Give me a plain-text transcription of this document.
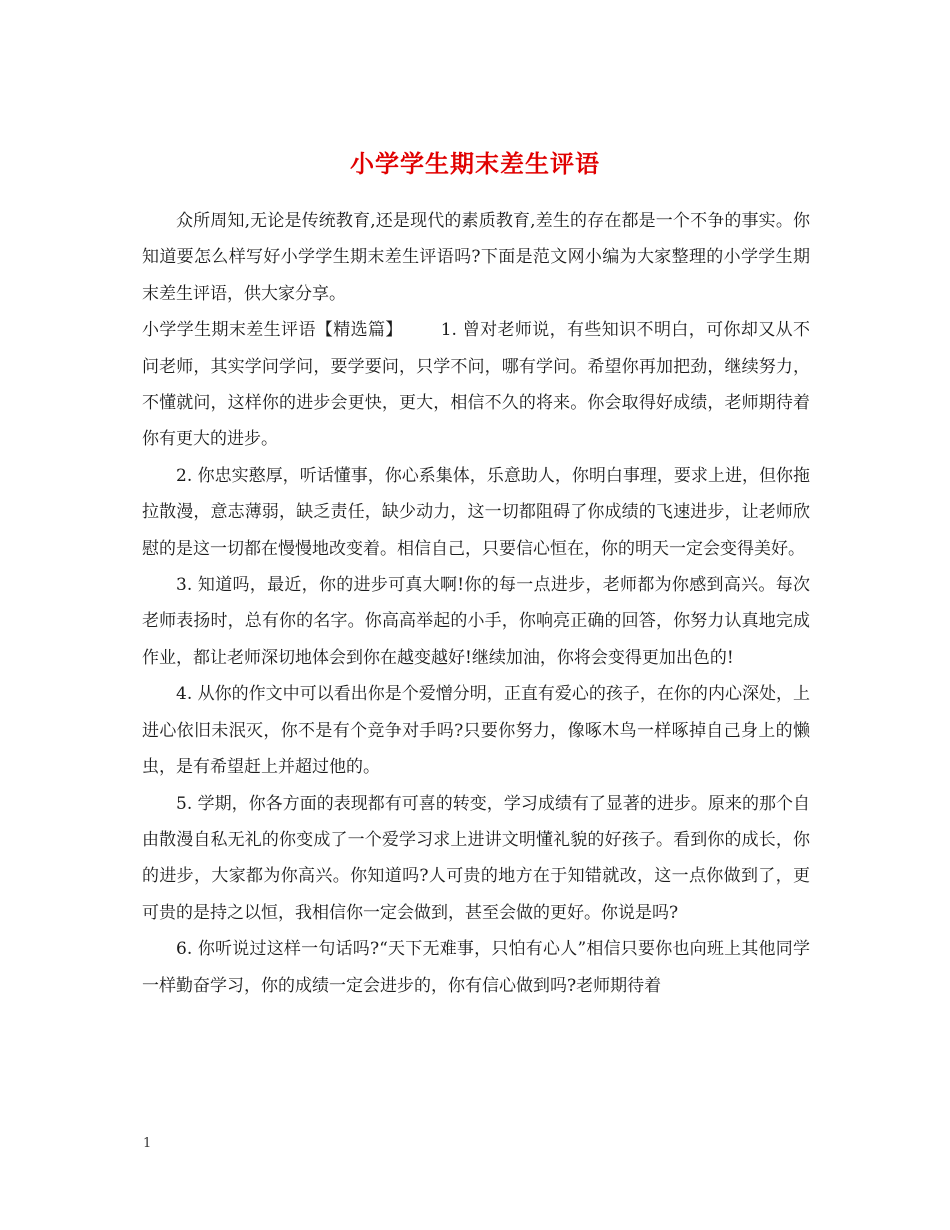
小学学生期末差生评语

众所周知,无论是传统教育,还是现代的素质教育,差生的存在都是一个不争的事实。你知道要怎么样写好小学学生期末差生评语吗?下面是范文网小编为大家整理的小学学生期末差生评语，供大家分享。

小学学生期末差生评语【精选篇】 1. 曾对老师说，有些知识不明白，可你却又从不问老师，其实学问学问，要学要问，只学不问，哪有学问。希望你再加把劲，继续努力，不懂就问，这样你的进步会更快，更大，相信不久的将来。你会取得好成绩，老师期待着你有更大的进步。

2. 你忠实憨厚，听话懂事，你心系集体，乐意助人，你明白事理，要求上进，但你拖拉散漫，意志薄弱，缺乏责任，缺少动力，这一切都阻碍了你成绩的飞速进步，让老师欣慰的是这一切都在慢慢地改变着。相信自己，只要信心恒在，你的明天一定会变得美好。

3. 知道吗，最近，你的进步可真大啊!你的每一点进步，老师都为你感到高兴。每次老师表扬时，总有你的名字。你高高举起的小手，你响亮正确的回答，你努力认真地完成作业，都让老师深切地体会到你在越变越好!继续加油，你将会变得更加出色的!

4. 从你的作文中可以看出你是个爱憎分明，正直有爱心的孩子，在你的内心深处，上进心依旧未泯灭，你不是有个竞争对手吗?只要你努力，像啄木鸟一样啄掉自己身上的懒虫，是有希望赶上并超过他的。

5. 学期，你各方面的表现都有可喜的转变，学习成绩有了显著的进步。原来的那个自由散漫自私无礼的你变成了一个爱学习求上进讲文明懂礼貌的好孩子。看到你的成长，你的进步，大家都为你高兴。你知道吗?人可贵的地方在于知错就改，这一点你做到了，更可贵的是持之以恒，我相信你一定会做到，甚至会做的更好。你说是吗?

6. 你听说过这样一句话吗?“天下无难事，只怕有心人”相信只要你也向班上其他同学一样勤奋学习，你的成绩一定会进步的，你有信心做到吗?老师期待着

1
